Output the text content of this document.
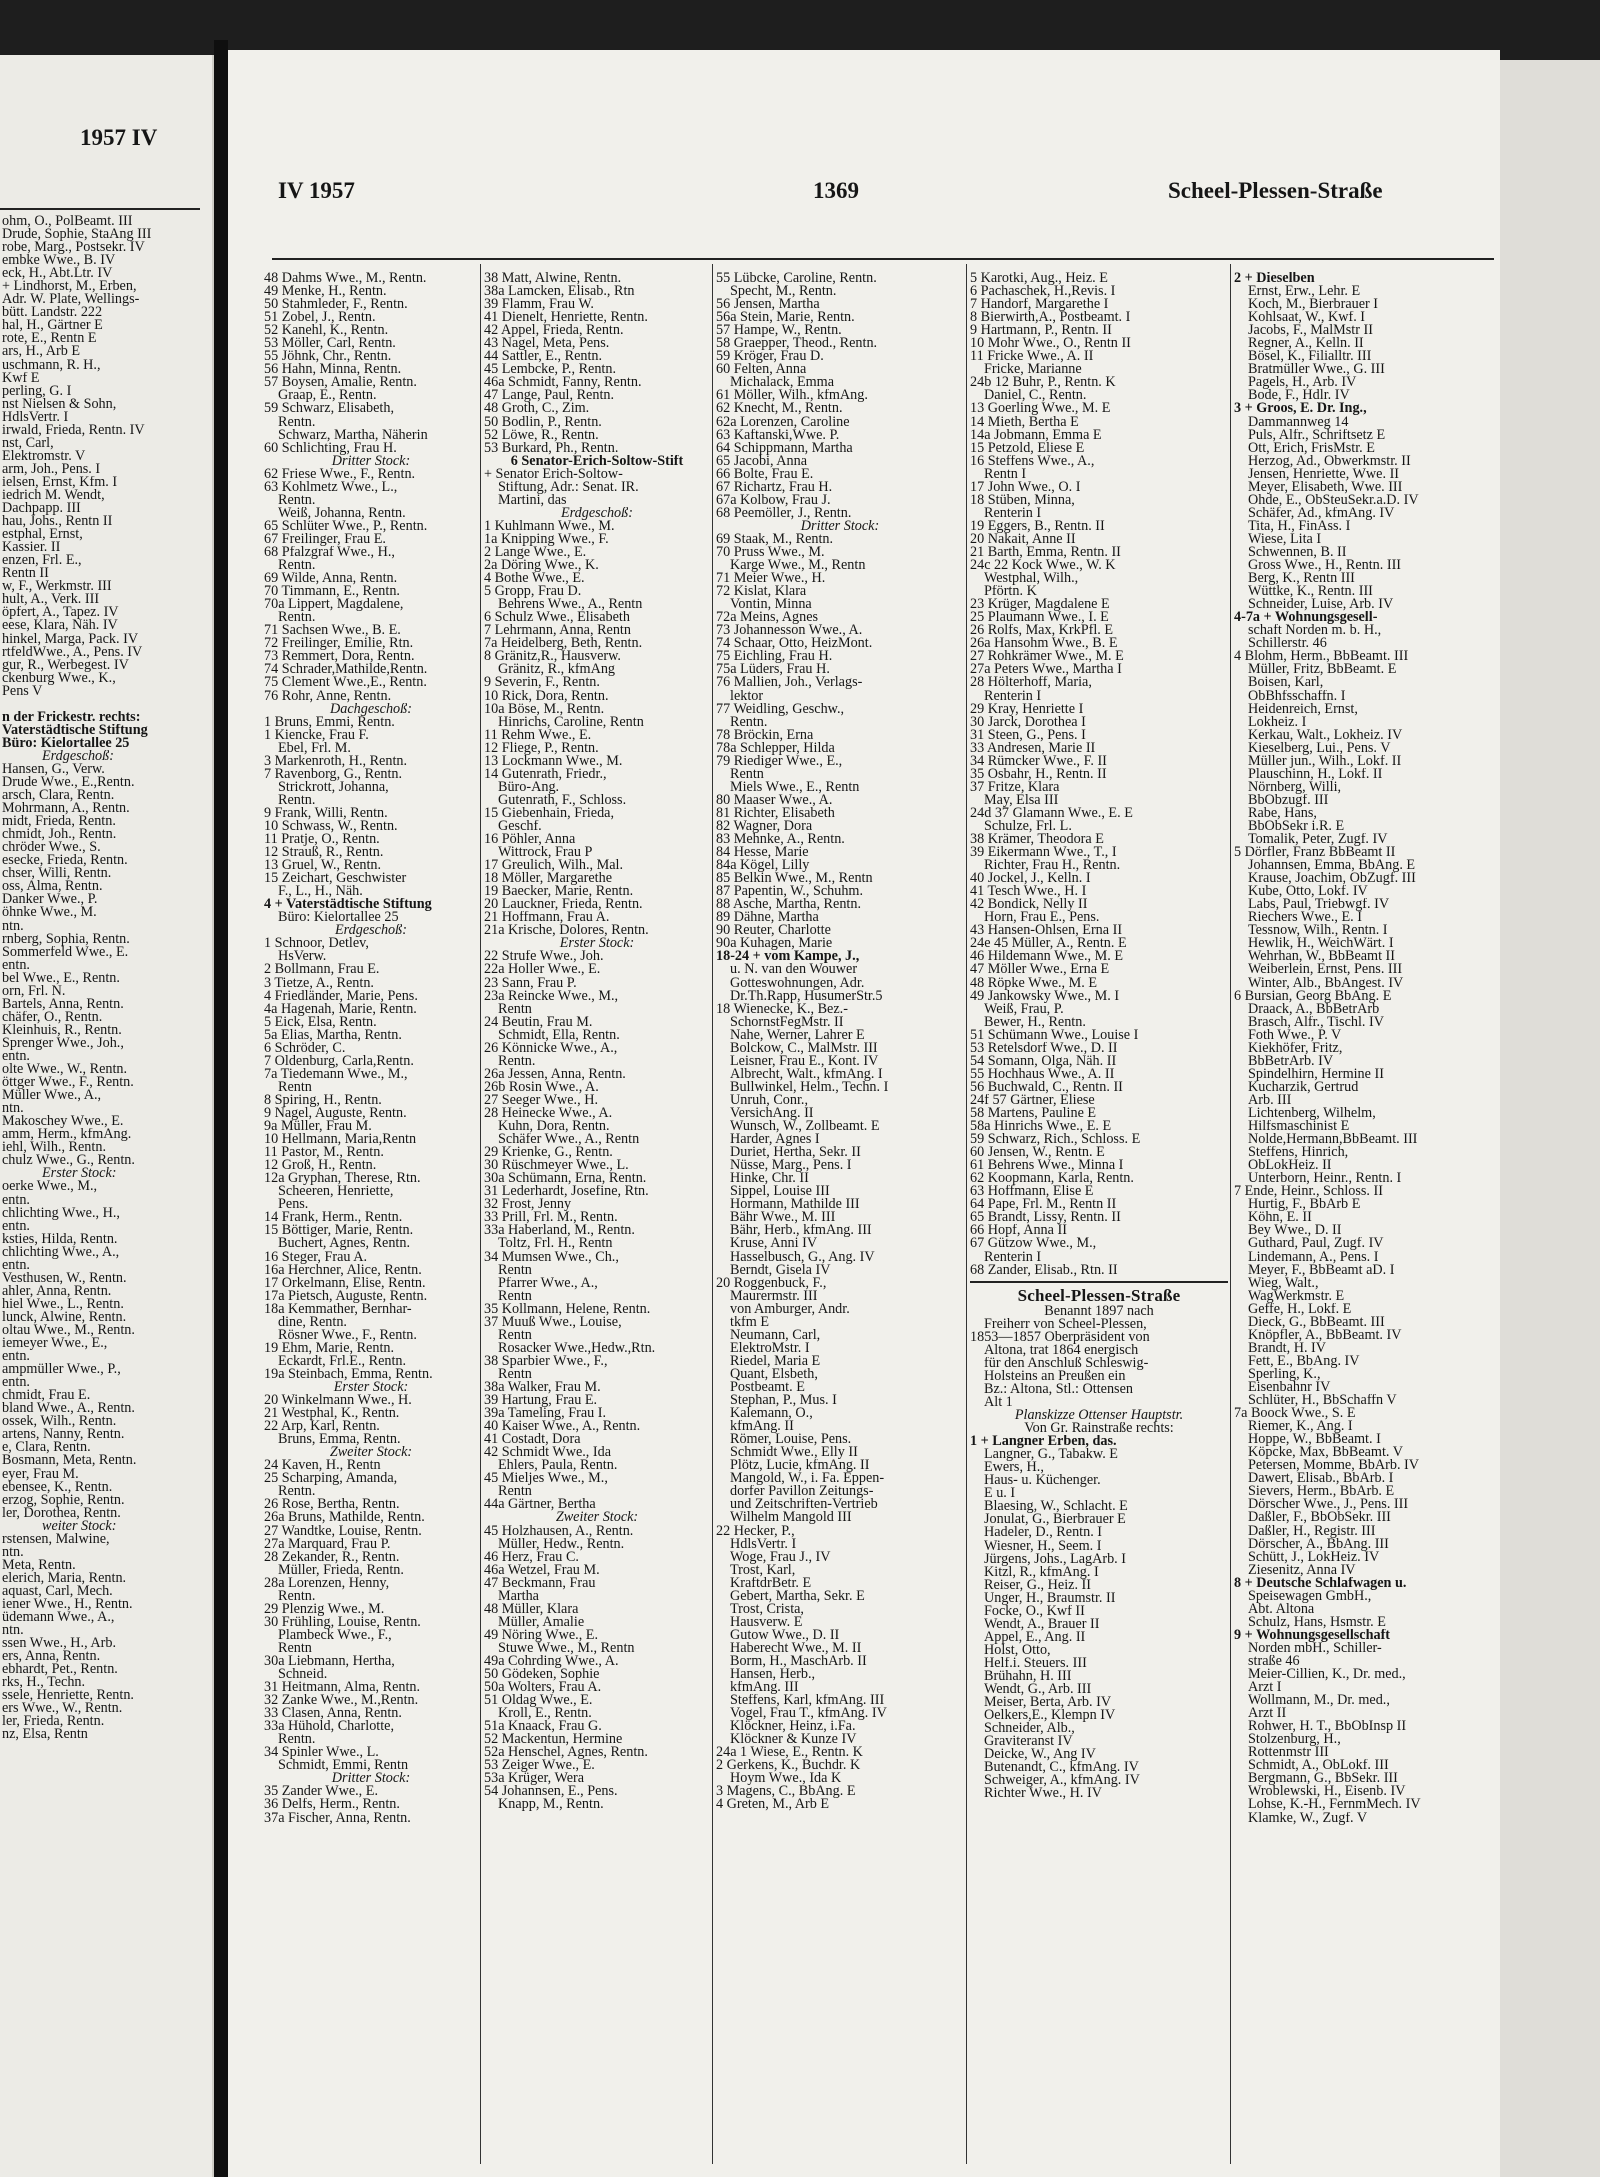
1957 IV
ohm, O., PolBeamt. III
Drude, Sophie, StaAng III
robe, Marg., Postsekr. IV
embke Wwe., B. IV
eck, H., Abt.Ltr. IV
+ Lindhorst, M., Erben,
Adr. W. Plate, Wellings-
bütt. Landstr. 222
hal, H., Gärtner E
rote, E., Rentn E
ars, H., Arb E
uschmann, R. H.,
Kwf E
perling, G. I
nst Nielsen & Sohn,
HdlsVertr. I
irwald, Frieda, Rentn. IV
nst, Carl,
Elektromstr. V
arm, Joh., Pens. I
ielsen, Ernst, Kfm. I
iedrich M. Wendt,
Dachpapp. III
hau, Johs., Rentn II
estphal, Ernst,
Kassier. II
enzen, Frl. E.,
Rentn II
w, F., Werkmstr. III
hult, A., Verk. III
öpfert, A., Tapez. IV
eese, Klara, Näh. IV
hinkel, Marga, Pack. IV
rtfeldWwe., A., Pens. IV
gur, R., Werbegest. IV
ckenburg Wwe., K.,
Pens V

n der Frickestr. rechts:
Vaterstädtische Stiftung
Büro: Kielortallee 25
Erdgeschoß:
Hansen, G., Verw.
Drude Wwe., E.,Rentn.
arsch, Clara, Rentn.
Mohrmann, A., Rentn.
midt, Frieda, Rentn.
chmidt, Joh., Rentn.
chröder Wwe., S.
esecke, Frieda, Rentn.
chser, Willi, Rentn.
oss, Alma, Rentn.
Danker Wwe., P.
öhnke Wwe., M.
ntn.
rnberg, Sophia, Rentn.
Sommerfeld Wwe., E.
entn.
bel Wwe., E., Rentn.
orn, Frl. N.
Bartels, Anna, Rentn.
chäfer, O., Rentn.
Kleinhuis, R., Rentn.
Sprenger Wwe., Joh.,
entn.
olte Wwe., W., Rentn.
öttger Wwe., F., Rentn.
Müller Wwe., A.,
ntn.
Makoschey Wwe., E.
amm, Herm., kfmAng.
iehl, Wilh., Rentn.
chulz Wwe., G., Rentn.
Erster Stock:
oerke Wwe., M.,
entn.
chlichting Wwe., H.,
entn.
ksties, Hilda, Rentn.
chlichting Wwe., A.,
entn.
Vesthusen, W., Rentn.
ahler, Anna, Rentn.
hiel Wwe., L., Rentn.
lunck, Alwine, Rentn.
oltau Wwe., M., Rentn.
iemeyer Wwe., E.,
entn.
ampmüller Wwe., P.,
entn.
chmidt, Frau E.
bland Wwe., A., Rentn.
ossek, Wilh., Rentn.
artens, Nanny, Rentn.
e, Clara, Rentn.
Bosmann, Meta, Rentn.
eyer, Frau M.
ebensee, K., Rentn.
erzog, Sophie, Rentn.
ler, Dorothea, Rentn.
weiter Stock:
rstensen, Malwine,
ntn.
Meta, Rentn.
elerich, Maria, Rentn.
aquast, Carl, Mech.
iener Wwe., H., Rentn.
üdemann Wwe., A.,
ntn.
ssen Wwe., H., Arb.
ers, Anna, Rentn.
ebhardt, Pet., Rentn.
rks, H., Techn.
ssele, Henriette, Rentn.
ers Wwe., W., Rentn.
ler, Frieda, Rentn.
nz, Elsa, Rentn
IV 1957	1369	Scheel-Plessen-Straße
48 Dahms Wwe., M., Rentn.
49 Menke, H., Rentn.
50 Stahmleder, F., Rentn.
51 Zobel, J., Rentn.
52 Kanehl, K., Rentn.
53 Möller, Carl, Rentn.
55 Jöhnk, Chr., Rentn.
56 Hahn, Minna, Rentn.
57 Boysen, Amalie, Rentn.
Graap, E., Rentn.
59 Schwarz, Elisabeth,
Rentn.
Schwarz, Martha, Näherin
60 Schlichting, Frau H.
Dritter Stock:
62 Friese Wwe., F., Rentn.
63 Kohlmetz Wwe., L.,
Rentn.
Weiß, Johanna, Rentn.
65 Schlüter Wwe., P., Rentn.
67 Freilinger, Frau E.
68 Pfalzgraf Wwe., H.,
Rentn.
69 Wilde, Anna, Rentn.
70 Timmann, E., Rentn.
70a Lippert, Magdalene,
Rentn.
71 Sachsen Wwe., B. E.
72 Freilinger, Emilie, Rtn.
73 Remmert, Dora, Rentn.
74 Schrader,Mathilde,Rentn.
75 Clement Wwe.,E., Rentn.
76 Rohr, Anne, Rentn.
Dachgeschoß:
1 Bruns, Emmi, Rentn.
1 Kiencke, Frau F.
Ebel, Frl. M.
3 Markenroth, H., Rentn.
7 Ravenborg, G., Rentn.
Strickrott, Johanna,
Rentn.
9 Frank, Willi, Rentn.
10 Schwass, W., Rentn.
11 Pratje, O., Rentn.
12 Strauß, R., Rentn.
13 Gruel, W., Rentn.
15 Zeichart, Geschwister
F., L., H., Näh.
4 + Vaterstädtische Stiftung
Büro: Kielortallee 25
Erdgeschoß:
1 Schnoor, Detlev,
HsVerw.
2 Bollmann, Frau E.
3 Tietze, A., Rentn.
4 Friedländer, Marie, Pens.
4a Hagenah, Marie, Rentn.
5 Eick, Elsa, Rentn.
5a Elias, Martha, Rentn.
6 Schröder, C.
7 Oldenburg, Carla,Rentn.
7a Tiedemann Wwe., M.,
Rentn
8 Spiring, H., Rentn.
9 Nagel, Auguste, Rentn.
9a Müller, Frau M.
10 Hellmann, Maria,Rentn
11 Pastor, M., Rentn.
12 Groß, H., Rentn.
12a Gryphan, Therese, Rtn.
Scheeren, Henriette,
Pens.
14 Frank, Herm., Rentn.
15 Böttiger, Marie, Rentn.
Buchert, Agnes, Rentn.
16 Steger, Frau A.
16a Herchner, Alice, Rentn.
17 Orkelmann, Elise, Rentn.
17a Pietsch, Auguste, Rentn.
18a Kemmather, Bernhar-
dine, Rentn.
Rösner Wwe., F., Rentn.
19 Ehm, Marie, Rentn.
Eckardt, Frl.E., Rentn.
19a Steinbach, Emma, Rentn.
Erster Stock:
20 Winkelmann Wwe., H.
21 Westphal, K., Rentn.
22 Arp, Karl, Rentn.
Bruns, Emma, Rentn.
Zweiter Stock:
24 Kaven, H., Rentn
25 Scharping, Amanda,
Rentn.
26 Rose, Bertha, Rentn.
26a Bruns, Mathilde, Rentn.
27 Wandtke, Louise, Rentn.
27a Marquard, Frau P.
28 Zekander, R., Rentn.
Müller, Frieda, Rentn.
28a Lorenzen, Henny,
Rentn.
29 Plenzig Wwe., M.
30 Frühling, Louise, Rentn.
Plambeck Wwe., F.,
Rentn
30a Liebmann, Hertha,
Schneid.
31 Heitmann, Alma, Rentn.
32 Zanke Wwe., M.,Rentn.
33 Clasen, Anna, Rentn.
33a Hühold, Charlotte,
Rentn.
34 Spinler Wwe., L.
Schmidt, Emmi, Rentn
Dritter Stock:
35 Zander Wwe., E.
36 Delfs, Herm., Rentn.
37a Fischer, Anna, Rentn.
38 Matt, Alwine, Rentn.
38a Lamcken, Elisab., Rtn
39 Flamm, Frau W.
41 Dienelt, Henriette, Rentn.
42 Appel, Frieda, Rentn.
43 Nagel, Meta, Pens.
44 Sattler, E., Rentn.
45 Lembcke, P., Rentn.
46a Schmidt, Fanny, Rentn.
47 Lange, Paul, Rentn.
48 Groth, C., Zim.
50 Bodlin, P., Rentn.
52 Löwe, R., Rentn.
53 Burkard, Ph., Rentn.
6 Senator-Erich-Soltow-Stift
+ Senator Erich-Soltow-
Stiftung, Adr.: Senat. IR.
Martini, das
Erdgeschoß:
1 Kuhlmann Wwe., M.
1a Knipping Wwe., F.
2 Lange Wwe., E.
2a Döring Wwe., K.
4 Bothe Wwe., E.
5 Gropp, Frau D.
Behrens Wwe., A., Rentn
6 Schulz Wwe., Elisabeth
7 Lehrmann, Anna, Rentn
7a Heidelberg, Beth, Rentn.
8 Gränitz,R., Hausverw.
Gränitz, R., kfmAng
9 Severin, F., Rentn.
10 Rick, Dora, Rentn.
10a Böse, M., Rentn.
Hinrichs, Caroline, Rentn
11 Rehm Wwe., E.
12 Fliege, P., Rentn.
13 Lockmann Wwe., M.
14 Gutenrath, Friedr.,
Büro-Ang.
Gutenrath, F., Schloss.
15 Giebenhain, Frieda,
Geschf.
16 Pöhler, Anna
Wittrock, Frau P
17 Greulich, Wilh., Mal.
18 Möller, Margarethe
19 Baecker, Marie, Rentn.
20 Lauckner, Frieda, Rentn.
21 Hoffmann, Frau A.
21a Krische, Dolores, Rentn.
Erster Stock:
22 Strufe Wwe., Joh.
22a Holler Wwe., E.
23 Sann, Frau P.
23a Reincke Wwe., M.,
Rentn
24 Beutin, Frau M.
Schmidt, Ella, Rentn.
26 Könnicke Wwe., A.,
Rentn.
26a Jessen, Anna, Rentn.
26b Rosin Wwe., A.
27 Seeger Wwe., H.
28 Heinecke Wwe., A.
Kuhn, Dora, Rentn.
Schäfer Wwe., A., Rentn
29 Krienke, G., Rentn.
30 Rüschmeyer Wwe., L.
30a Schümann, Erna, Rentn.
31 Lederhardt, Josefine, Rtn.
32 Frost, Jenny
33 Prill, Frl. M., Rentn.
33a Haberland, M., Rentn.
Toltz, Frl. H., Rentn
34 Mumsen Wwe., Ch.,
Rentn
Pfarrer Wwe., A.,
Rentn
35 Kollmann, Helene, Rentn.
37 Muuß Wwe., Louise,
Rentn
Rosacker Wwe.,Hedw.,Rtn.
38 Sparbier Wwe., F.,
Rentn
38a Walker, Frau M.
39 Hartung, Frau E.
39a Tameling, Frau I.
40 Kaiser Wwe., A., Rentn.
41 Costadt, Dora
42 Schmidt Wwe., Ida
Ehlers, Paula, Rentn.
45 Mieljes Wwe., M.,
Rentn
44a Gärtner, Bertha
Zweiter Stock:
45 Holzhausen, A., Rentn.
Müller, Hedw., Rentn.
46 Herz, Frau C.
46a Wetzel, Frau M.
47 Beckmann, Frau
Martha
48 Müller, Klara
Müller, Amalie
49 Nöring Wwe., E.
Stuwe Wwe., M., Rentn
49a Cohrding Wwe., A.
50 Gödeken, Sophie
50a Wolters, Frau A.
51 Oldag Wwe., E.
Kroll, E., Rentn.
51a Knaack, Frau G.
52 Mackentun, Hermine
52a Henschel, Agnes, Rentn.
53 Zeiger Wwe., E.
53a Krüger, Wera
54 Johannsen, E., Pens.
Knapp, M., Rentn.
55 Lübcke, Caroline, Rentn.
Specht, M., Rentn.
56 Jensen, Martha
56a Stein, Marie, Rentn.
57 Hampe, W., Rentn.
58 Graepper, Theod., Rentn.
59 Kröger, Frau D.
60 Felten, Anna
Michalack, Emma
61 Möller, Wilh., kfmAng.
62 Knecht, M., Rentn.
62a Lorenzen, Caroline
63 Kaftanski,Wwe. P.
64 Schippmann, Martha
65 Jacobi, Anna
66 Bolte, Frau E.
67 Richartz, Frau H.
67a Kolbow, Frau J.
68 Peemöller, J., Rentn.
Dritter Stock:
69 Staak, M., Rentn.
70 Pruss Wwe., M.
Karge Wwe., M., Rentn
71 Meier Wwe., H.
72 Kislat, Klara
Vontin, Minna
72a Meins, Agnes
73 Johannesson Wwe., A.
74 Schaar, Otto, HeizMont.
75 Eichling, Frau H.
75a Lüders, Frau H.
76 Mallien, Joh., Verlags-
lektor
77 Weidling, Geschw.,
Rentn.
78 Bröckin, Erna
78a Schlepper, Hilda
79 Riediger Wwe., E.,
Rentn
Miels Wwe., E., Rentn
80 Maaser Wwe., A.
81 Richter, Elisabeth
82 Wagner, Dora
83 Mehnke, A., Rentn.
84 Hesse, Marie
84a Kögel, Lilly
85 Belkin Wwe., M., Rentn
87 Papentin, W., Schuhm.
88 Asche, Martha, Rentn.
89 Dähne, Martha
90 Reuter, Charlotte
90a Kuhagen, Marie
18-24 + vom Kampe, J.,
u. N. van den Wouwer
Gotteswohnungen, Adr.
Dr.Th.Rapp, HusumerStr.5
18 Wienecke, K., Bez.-
SchornstFegMstr. II
Nahe, Werner, Lahrer E
Bolckow, C., MalMstr. III
Leisner, Frau E., Kont. IV
Albrecht, Walt., kfmAng. I
Bullwinkel, Helm., Techn. I
Unruh, Conr.,
VersichAng. II
Wunsch, W., Zollbeamt. E
Harder, Agnes I
Duriet, Hertha, Sekr. II
Nüsse, Marg., Pens. I
Hinke, Chr. II
Sippel, Louise III
Hormann, Mathilde III
Bähr Wwe., M. III
Bähr, Herb., kfmAng. III
Kruse, Anni IV
Hasselbusch, G., Ang. IV
Berndt, Gisela IV
20 Roggenbuck, F.,
Maurermstr. III
von Amburger, Andr.
tkfm E
Neumann, Carl,
ElektroMstr. I
Riedel, Maria E
Quant, Elsbeth,
Postbeamt. E
Stephan, P., Mus. I
Kalemann, O.,
kfmAng. II
Römer, Louise, Pens.
Schmidt Wwe., Elly II
Plötz, Lucie, kfmAng. II
Mangold, W., i. Fa. Eppen-
dorfer Pavillon Zeitungs-
und Zeitschriften-Vertrieb
Wilhelm Mangold III
22 Hecker, P.,
HdlsVertr. I
Woge, Frau J., IV
Trost, Karl,
KraftdrBetr. E
Gebert, Martha, Sekr. E
Trost, Crista,
Hausverw. E
Gutow Wwe., D. II
Haberecht Wwe., M. II
Borm, H., MaschArb. II
Hansen, Herb.,
kfmAng. III
Steffens, Karl, kfmAng. III
Vogel, Frau T., kfmAng. IV
Klöckner, Heinz, i.Fa.
Klöckner & Kunze IV
24a 1 Wiese, E., Rentn. K
2 Gerkens, K., Buchdr. K
Hoym Wwe., Ida K
3 Magens, C., BbAng. E
4 Greten, M., Arb E
5 Karotki, Aug., Heiz. E
6 Pachaschek, H.,Revis. I
7 Handorf, Margarethe I
8 Bierwirth,A., Postbeamt. I
9 Hartmann, P., Rentn. II
10 Mohr Wwe., O., Rentn II
11 Fricke Wwe., A. II
Fricke, Marianne
24b 12 Buhr, P., Rentn. K
Daniel, C., Rentn.
13 Goerling Wwe., M. E
14 Mieth, Bertha E
14a Jobmann, Emma E
15 Petzold, Eliese E
16 Steffens Wwe., A.,
Rentn I
17 John Wwe., O. I
18 Stüben, Minna,
Renterin I
19 Eggers, B., Rentn. II
20 Nakait, Anne II
21 Barth, Emma, Rentn. II
24c 22 Kock Wwe., W. K
Westphal, Wilh.,
Pförtn. K
23 Krüger, Magdalene E
25 Plaumann Wwe., I. E
26 Rolfs, Max, KrkPfl. E
26a Hansohm Wwe., B. E
27 Rohkrämer Wwe., M. E
27a Peters Wwe., Martha I
28 Hölterhoff, Maria,
Renterin I
29 Kray, Henriette I
30 Jarck, Dorothea I
31 Steen, G., Pens. I
33 Andresen, Marie II
34 Rümcker Wwe., F. II
35 Osbahr, H., Rentn. II
37 Fritze, Klara
May, Elsa III
24d 37 Glamann Wwe., E. E
Schulze, Frl. L.
38 Krämer, Theodora E
39 Eikermann Wwe., T., I
Richter, Frau H., Rentn.
40 Jockel, J., Kelln. I
41 Tesch Wwe., H. I
42 Bondick, Nelly II
Horn, Frau E., Pens.
43 Hansen-Ohlsen, Erna II
24e 45 Müller, A., Rentn. E
46 Hildemann Wwe., M. E
47 Möller Wwe., Erna E
48 Röpke Wwe., M. E
49 Jankowsky Wwe., M. I
Weiß, Frau, P.
Bewer, H., Rentn.
51 Schümann Wwe., Louise I
53 Retelsdorf Wwe., D. II
54 Somann, Olga, Näh. II
55 Hochhaus Wwe., A. II
56 Buchwald, C., Rentn. II
24f 57 Gärtner, Eliese
58 Martens, Pauline E
58a Hinrichs Wwe., E. E
59 Schwarz, Rich., Schloss. E
60 Jensen, W., Rentn. E
61 Behrens Wwe., Minna I
62 Koopmann, Karla, Rentn.
63 Hoffmann, Elise E
64 Pape, Frl. M., Rentn II
65 Brandt, Lissy, Rentn. II
66 Hopf, Anna II
67 Gützow Wwe., M.,
Renterin I
68 Zander, Elisab., Rtn. II
Scheel-Plessen-Straße
Benannt 1897 nach
Freiherr von Scheel-Plessen,
1853—1857 Oberpräsident von
Altona, trat 1864 energisch
für den Anschluß Schleswig-
Holsteins an Preußen ein
Bz.: Altona, Stl.: Ottensen
Alt 1
Planskizze Ottenser Hauptstr.
Von Gr. Rainstraße rechts:
1 + Langner Erben, das.
Langner, G., Tabakw. E
Ewers, H.,
Haus- u. Küchenger.
E u. I
Blaesing, W., Schlacht. E
Jonulat, G., Bierbrauer E
Hadeler, D., Rentn. I
Wiesner, H., Seem. I
Jürgens, Johs., LagArb. I
Kitzl, R., kfmAng. I
Reiser, G., Heiz. II
Unger, H., Braumstr. II
Focke, O., Kwf II
Wendt, A., Brauer II
Appel, E., Ang. II
Holst, Otto,
Helf.i. Steuers. III
Brühahn, H. III
Wendt, G., Arb. III
Meiser, Berta, Arb. IV
Oelkers,E., Klempn IV
Schneider, Alb.,
Graviteranst IV
Deicke, W., Ang IV
Butenandt, C., kfmAng. IV
Schweiger, A., kfmAng. IV
Richter Wwe., H. IV
2 + Dieselben
Ernst, Erw., Lehr. E
Koch, M., Bierbrauer I
Kohlsaat, W., Kwf. I
Jacobs, F., MalMstr II
Regner, A., Kelln. II
Bösel, K., Filialltr. III
Bratmüller Wwe., G. III
Pagels, H., Arb. IV
Bode, F., Hdlr. IV
3 + Groos, E. Dr. Ing.,
Dammannweg 14
Puls, Alfr., Schriftsetz E
Ott, Erich, FrisMstr. E
Herzog, Ad., Obwerkmstr. II
Jensen, Henriette, Wwe. II
Meyer, Elisabeth, Wwe. III
Ohde, E., ObSteuSekr.a.D. IV
Schäfer, Ad., kfmAng. IV
Tita, H., FinAss. I
Wiese, Lita I
Schwennen, B. II
Gross Wwe., H., Rentn. III
Berg, K., Rentn III
Wüttke, K., Rentn. III
Schneider, Luise, Arb. IV
4-7a + Wohnungsgesell-
schaft Norden m. b. H.,
Schillerstr. 46
4 Blohm, Herm., BbBeamt. III
Müller, Fritz, BbBeamt. E
Boisen, Karl,
ObBhfsschaffn. I
Heidenreich, Ernst,
Lokheiz. I
Kerkau, Walt., Lokheiz. IV
Kieselberg, Lui., Pens. V
Müller jun., Wilh., Lokf. II
Plauschinn, H., Lokf. II
Nörnberg, Willi,
BbObzugf. III
Rabe, Hans,
BbObSekr i.R. E
Tomalik, Peter, Zugf. IV
5 Dörfler, Franz BbBeamt II
Johannsen, Emma, BbAng. E
Krause, Joachim, ObZugf. III
Kube, Otto, Lokf. IV
Labs, Paul, Triebwgf. IV
Riechers Wwe., E. I
Tessnow, Wilh., Rentn. I
Hewlik, H., WeichWärt. I
Wehrhan, W., BbBeamt II
Weiberlein, Ernst, Pens. III
Winter, Alb., BbAngest. IV
6 Bursian, Georg BbAng. E
Draack, A., BbBetrArb
Brasch, Alfr., Tischl. IV
Foth Wwe., P. V
Kiekhöfer, Fritz,
BbBetrArb. IV
Spindelhirn, Hermine II
Kucharzik, Gertrud
Arb. III
Lichtenberg, Wilhelm,
Hilfsmaschinist E
Nolde,Hermann,BbBeamt. III
Steffens, Hinrich,
ObLokHeiz. II
Unterborn, Heinr., Rentn. I
7 Ende, Heinr., Schloss. II
Hurtig, F., BbArb E
Köhn, E. II
Bey Wwe., D. II
Guthard, Paul, Zugf. IV
Lindemann, A., Pens. I
Meyer, F., BbBeamt aD. I
Wieg, Walt.,
WagWerkmstr. E
Geffe, H., Lokf. E
Dieck, G., BbBeamt. III
Knöpfler, A., BbBeamt. IV
Brandt, H. IV
Fett, E., BbAng. IV
Sperling, K.,
Eisenbahnr IV
Schlüter, H., BbSchaffn V
7a Boock Wwe., S. E
Riemer, K., Ang. I
Hoppe, W., BbBeamt. I
Köpcke, Max, BbBeamt. V
Petersen, Momme, BbArb. IV
Dawert, Elisab., BbArb. I
Sievers, Herm., BbArb. E
Dörscher Wwe., J., Pens. III
Daßler, F., BbObSekr. III
Daßler, H., Registr. III
Dörscher, A., BbAng. III
Schütt, J., LokHeiz. IV
Ziesenitz, Anna IV
8 + Deutsche Schlafwagen u.
Speisewagen GmbH.,
Abt. Altona
Schulz, Hans, Hsmstr. E
9 + Wohnungsgesellschaft
Norden mbH., Schiller-
straße 46
Meier-Cillien, K., Dr. med.,
Arzt I
Wollmann, M., Dr. med.,
Arzt II
Rohwer, H. T., BbObInsp II
Stolzenburg, H.,
Rottenmstr III
Schmidt, A., ObLokf. III
Bergmann, G., BbSekr. III
Wroblewski, H., Eisenb. IV
Lohse, K.-H., FernmMech. IV
Klamke, W., Zugf. V
